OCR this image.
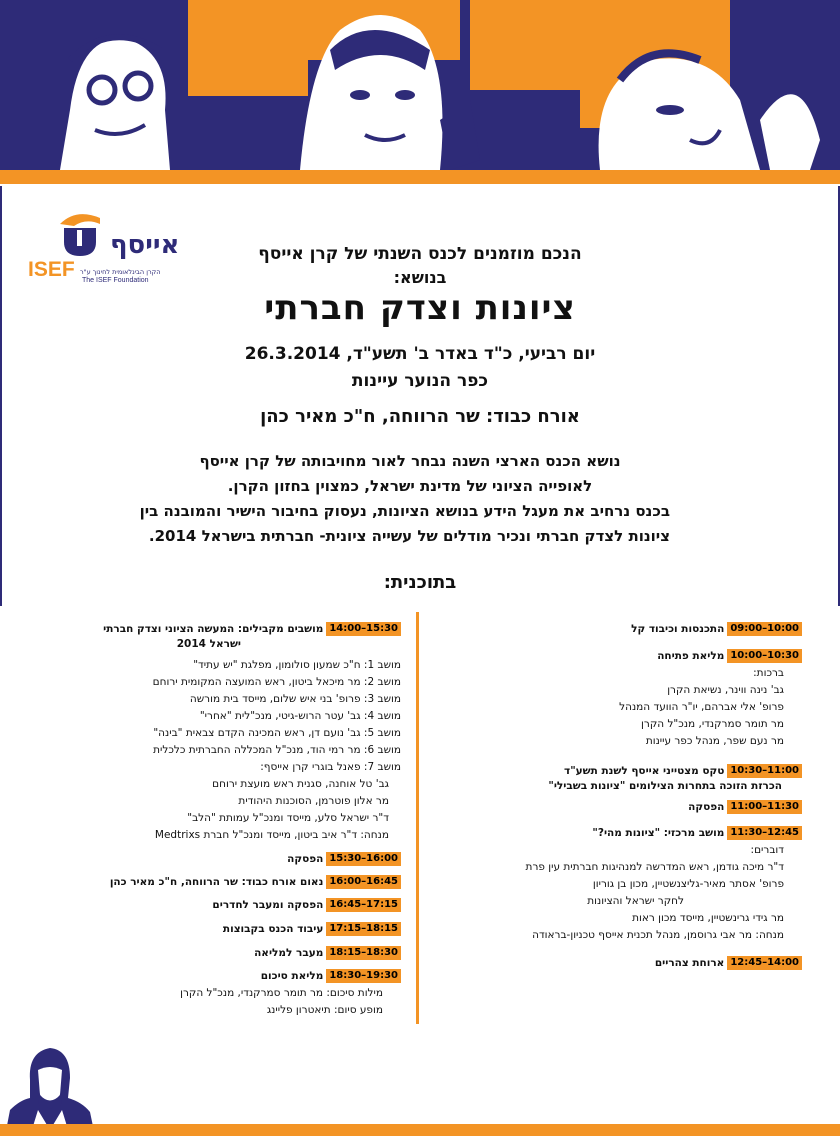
אייסף
ISEF הקרן הבינלאומית לחינוך ע"ר
The ISEF Foundation
הנכם מוזמנים לכנס השנתי של קרן אייסף
בנושא:
ציונות וצדק חברתי
יום רביעי, כ"ד באדר ב' תשע"ד, 26.3.2014
כפר הנוער עיינות
אורח כבוד: שר הרווחה, ח"כ מאיר כהן
נושא הכנס הארצי השנה נבחר לאור מחויבותה של קרן אייסף
לאופייה הציוני של מדינת ישראל, כמצוין בחזון הקרן.
בכנס נרחיב את מעגל הידע בנושא הציונות, נעסוק בחיבור הישיר והמובנה בין
ציונות לצדק חברתי ונכיר מודלים של עשייה ציונית- חברתית בישראל 2014.
בתוכנית:
09:00–10:00
התכנסות וכיבוד קל
10:00–10:30
מליאת פתיחה
ברכות:
גב' נינה ווינר, נשיאת הקרן
פרופ' אלי אברהם, יו"ר הוועד המנהל
מר תומר סמרקנדי, מנכ"ל הקרן
מר נעם שפר, מנהל כפר עיינות
10:30–11:00
טקס מצטייני אייסף לשנת תשע"ד
הכרזת הזוכה בתחרות הצילומים "ציונות בשבילי"
11:00–11:30
הפסקה
11:30–12:45
מושב מרכזי: "ציונות מהי?"
דוברים:
ד"ר מיכה גודמן, ראש המדרשה למנהיגות חברתית עין פרת
פרופ' אסתר מאיר-גליצנשטיין, מכון בן גוריון
לחקר ישראל והציונות
מר גידי גרינשטיין, מייסד מכון ראות
מנחה: מר אבי גרוסמן, מנהל תכנית אייסף טכניון-בראודה
12:45–14:00
ארוחת צהריים
14:00–15:30
מושבים מקבילים: המעשה הציוני וצדק חברתי
ישראל 2014
מושב 1: ח"כ שמעון סולומון, מפלגת "יש עתיד"
מושב 2: מר מיכאל ביטון, ראש המועצה המקומית ירוחם
מושב 3: פרופ' בני איש שלום, מייסד בית מורשה
מושב 4: גב' עטר הרוש-גיטי, מנכ"לית "אחרי"
מושב 5: גב' נועם דן, ראש המכינה הקדם צבאית "בינה"
מושב 6: מר רמי הוד, מנכ"ל המכללה החברתית כלכלית
מושב 7: פאנל בוגרי קרן אייסף:
גב' טל אוחנה, סגנית ראש מועצת ירוחם
מר אלון פוטרמן, הסוכנות היהודית
ד"ר ישראל סלע, מייסד ומנכ"ל עמותת "הלב"
מנחה: ד"ר איב ביטון, מייסד ומנכ"ל חברת Medtrixs
15:30–16:00
הפסקה
16:00–16:45
נאום אורח כבוד: שר הרווחה, ח"כ מאיר כהן
16:45–17:15
הפסקה ומעבר לחדרים
17:15–18:15
עיבוד הכנס בקבוצות
18:15–18:30
מעבר למליאה
18:30–19:30
מליאת סיכום
מילות סיכום: מר תומר סמרקנדי, מנכ"ל הקרן
מופע סיום: תיאטרון פליינג
